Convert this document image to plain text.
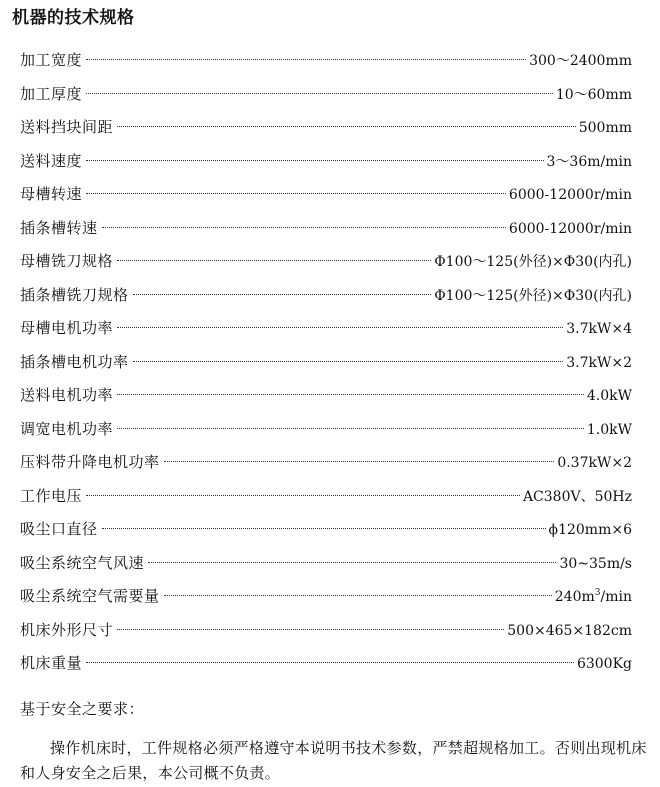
机器的技术规格
加工宽度	300～2400mm
加工厚度	10～60mm
送料挡块间距	500mm
送料速度	3～36m/min
母槽转速	6000-12000r/min
插条槽转速	6000-12000r/min
母槽铣刀规格	Φ100～125(外径)×Φ30(内孔)
插条槽铣刀规格	Φ100～125(外径)×Φ30(内孔)
母槽电机功率	3.7kW×4
插条槽电机功率	3.7kW×2
送料电机功率	4.0kW
调宽电机功率	1.0kW
压料带升降电机功率	0.37kW×2
工作电压	AC380V、50Hz
吸尘口直径	ϕ120mm×6
吸尘系统空气风速	30~35m/s
吸尘系统空气需要量	$240m^3/\min$
机床外形尺寸	500×465×182cm
机床重量	6300Kg
基于安全之要求：

操作机床时，工件规格必须严格遵守本说明书技术参数，严禁超规格加工。否则出现机床和人身安全之后果，本公司概不负责。
